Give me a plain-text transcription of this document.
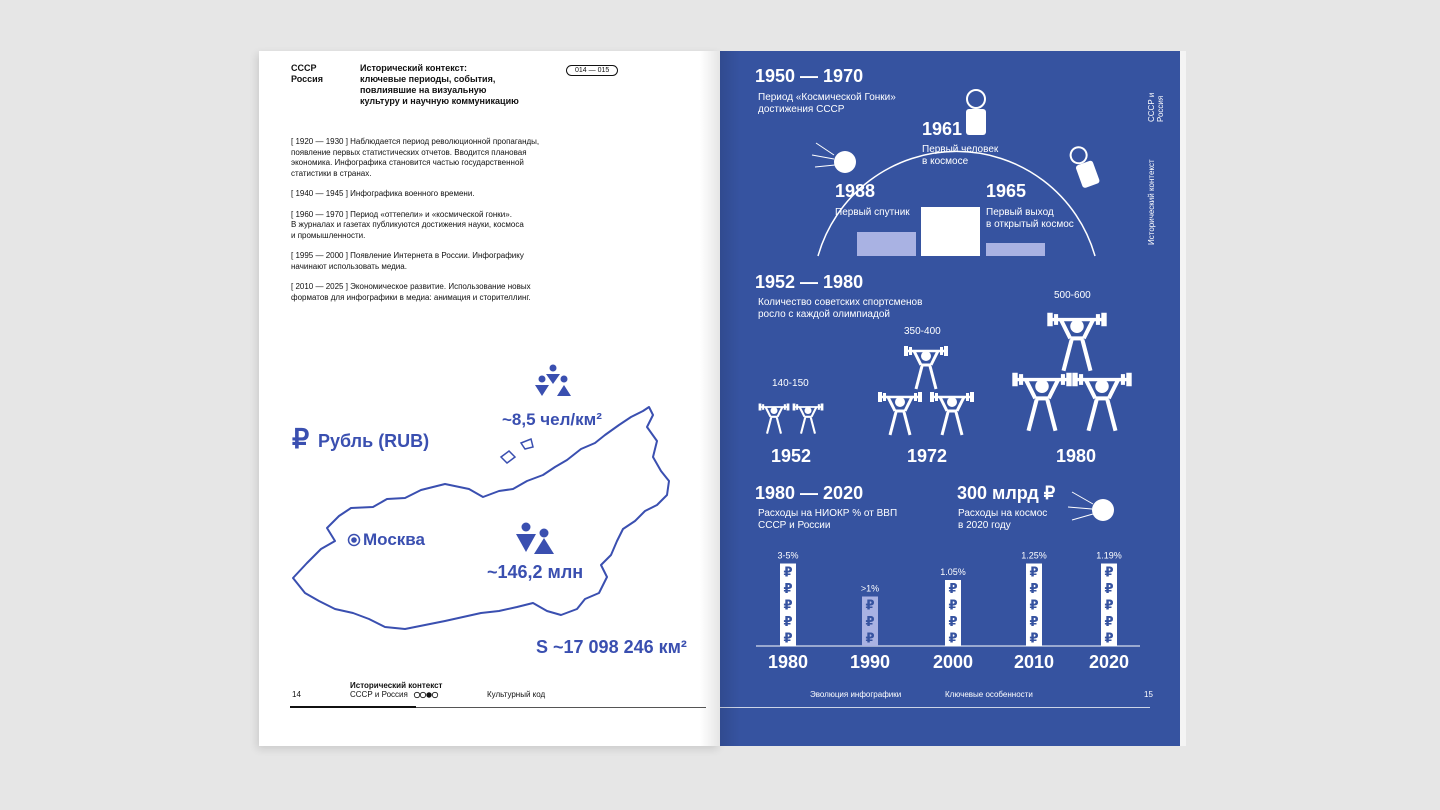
СССР
Россия
Исторический контекст:
ключевые периоды, события,
повлиявшие на визуальную
культуру и научную коммуникацию
014 — 015
[ 1920 — 1930 ] Наблюдается период революционной пропаганды,
появление первых статистических отчетов. Вводится плановая
экономика. Инфографика становится частью государственной
статистики в странах.
[ 1940 — 1945 ] Инфографика военного времени.
[ 1960 — 1970 ] Период «оттепели» и «космической гонки».
В журналах и газетах публикуются достижения науки, космоса
и промышленности.
[ 1995 — 2000 ] Появление Интернета в России. Инфографику
начинают использовать медиа.
[ 2010 — 2025 ] Экономическое развитие. Использование новых
форматов для инфографики в медиа: анимация и сторителлинг.
₽ Рубль (RUB)
~8,5 чел/км²
Москва
~146,2 млн
S ~17 098 246 км²
14
Исторический контекст
СССР и Россия	Культурный код
СССР и Россия
Исторический контекст
1950 — 1970
Период «Космической Гонки»
достижения СССР
1961
Первый человек
в космосе
1988
Первый спутник
1965
Первый выход
в открытый космос
1952 — 1980
Количество советских спортсменов
росло с каждой олимпиадой
140-150
350-400
500-600
1952	1972	1980
1980 — 2020
Расходы на НИОКР % от ВВП
СССР и России
300 млрд ₽
Расходы на космос
в 2020 году
₽
₽
₽
₽
₽
3-5%
1980
₽
₽
₽
>1%
1990
₽
₽
₽
₽
1.05%
2000
₽
₽
₽
₽
₽
1.25%
2010
₽
₽
₽
₽
₽
1.19%
2020
Эволюция инфографики	Ключевые особенности	15
